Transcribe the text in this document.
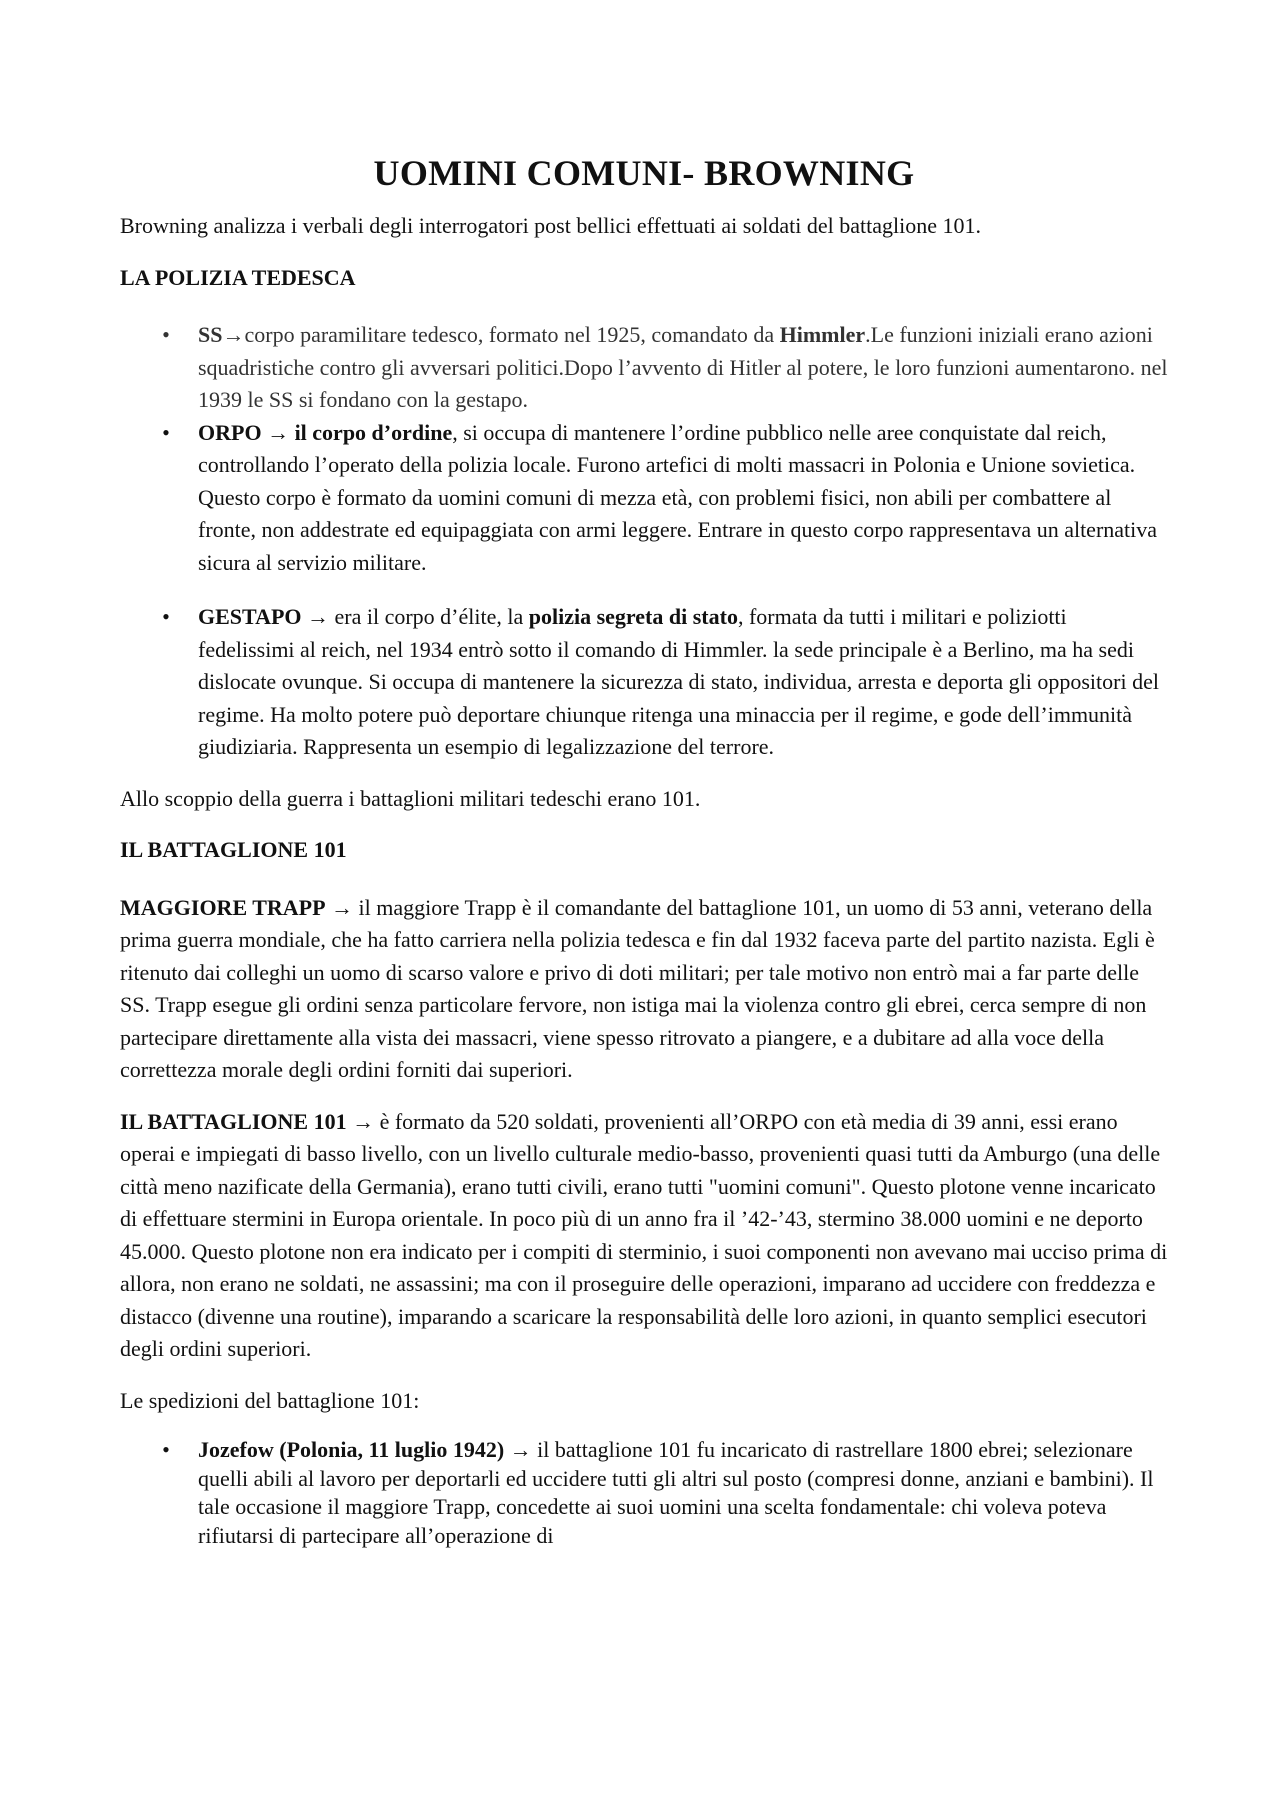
UOMINI COMUNI- BROWNING

Browning analizza i verbali degli interrogatori post bellici effettuati ai soldati del battaglione 101.

LA POLIZIA TEDESCA

• SS→corpo paramilitare tedesco, formato nel 1925, comandato da Himmler.Le funzioni iniziali erano azioni squadristiche contro gli avversari politici.Dopo l’avvento di Hitler al potere, le loro funzioni aumentarono. nel 1939 le SS si fondano con la gestapo.
• ORPO → il corpo d’ordine, si occupa di mantenere l’ordine pubblico nelle aree conquistate dal reich, controllando l’operato della polizia locale. Furono artefici di molti massacri in Polonia e Unione sovietica. Questo corpo è formato da uomini comuni di mezza età, con problemi fisici, non abili per combattere al fronte, non addestrate ed equipaggiata con armi leggere. Entrare in questo corpo rappresentava un alternativa sicura al servizio militare.
• GESTAPO → era il corpo d’élite, la polizia segreta di stato, formata da tutti i militari e poliziotti fedelissimi al reich, nel 1934 entrò sotto il comando di Himmler. la sede principale è a Berlino, ma ha sedi dislocate ovunque. Si occupa di mantenere la sicurezza di stato, individua, arresta e deporta gli oppositori del regime. Ha molto potere può deportare chiunque ritenga una minaccia per il regime, e gode dell’immunità giudiziaria. Rappresenta un esempio di legalizzazione del terrore.

Allo scoppio della guerra i battaglioni militari tedeschi erano 101.

IL BATTAGLIONE 101

MAGGIORE TRAPP → il maggiore Trapp è il comandante del battaglione 101, un uomo di 53 anni, veterano della prima guerra mondiale, che ha fatto carriera nella polizia tedesca e fin dal 1932 faceva parte del partito nazista. Egli è ritenuto dai colleghi un uomo di scarso valore e privo di doti militari; per tale motivo non entrò mai a far parte delle SS. Trapp esegue gli ordini senza particolare fervore, non istiga mai la violenza contro gli ebrei, cerca sempre di non partecipare direttamente alla vista dei massacri, viene spesso ritrovato a piangere, e a dubitare ad alla voce della correttezza morale degli ordini forniti dai superiori.

IL BATTAGLIONE 101 → è formato da 520 soldati, provenienti all’ORPO con età media di 39 anni, essi erano operai e impiegati di basso livello, con un livello culturale medio-basso, provenienti quasi tutti da Amburgo (una delle città meno nazificate della Germania), erano tutti civili, erano tutti "uomini comuni". Questo plotone venne incaricato di effettuare stermini in Europa orientale. In poco più di un anno fra il ’42-’43, stermino 38.000 uomini e ne deporto 45.000. Questo plotone non era indicato per i compiti di sterminio, i suoi componenti non avevano mai ucciso prima di allora, non erano ne soldati, ne assassini; ma con il proseguire delle operazioni, imparano ad uccidere con freddezza e distacco (divenne una routine), imparando a scaricare la responsabilità delle loro azioni, in quanto semplici esecutori degli ordini superiori.

Le spedizioni del battaglione 101:

• Jozefow (Polonia, 11 luglio 1942) → il battaglione 101 fu incaricato di rastrellare 1800 ebrei; selezionare quelli abili al lavoro per deportarli ed uccidere tutti gli altri sul posto (compresi donne, anziani e bambini). Il tale occasione il maggiore Trapp, concedette ai suoi uomini una scelta fondamentale: chi voleva poteva rifiutarsi di partecipare all’operazione di
